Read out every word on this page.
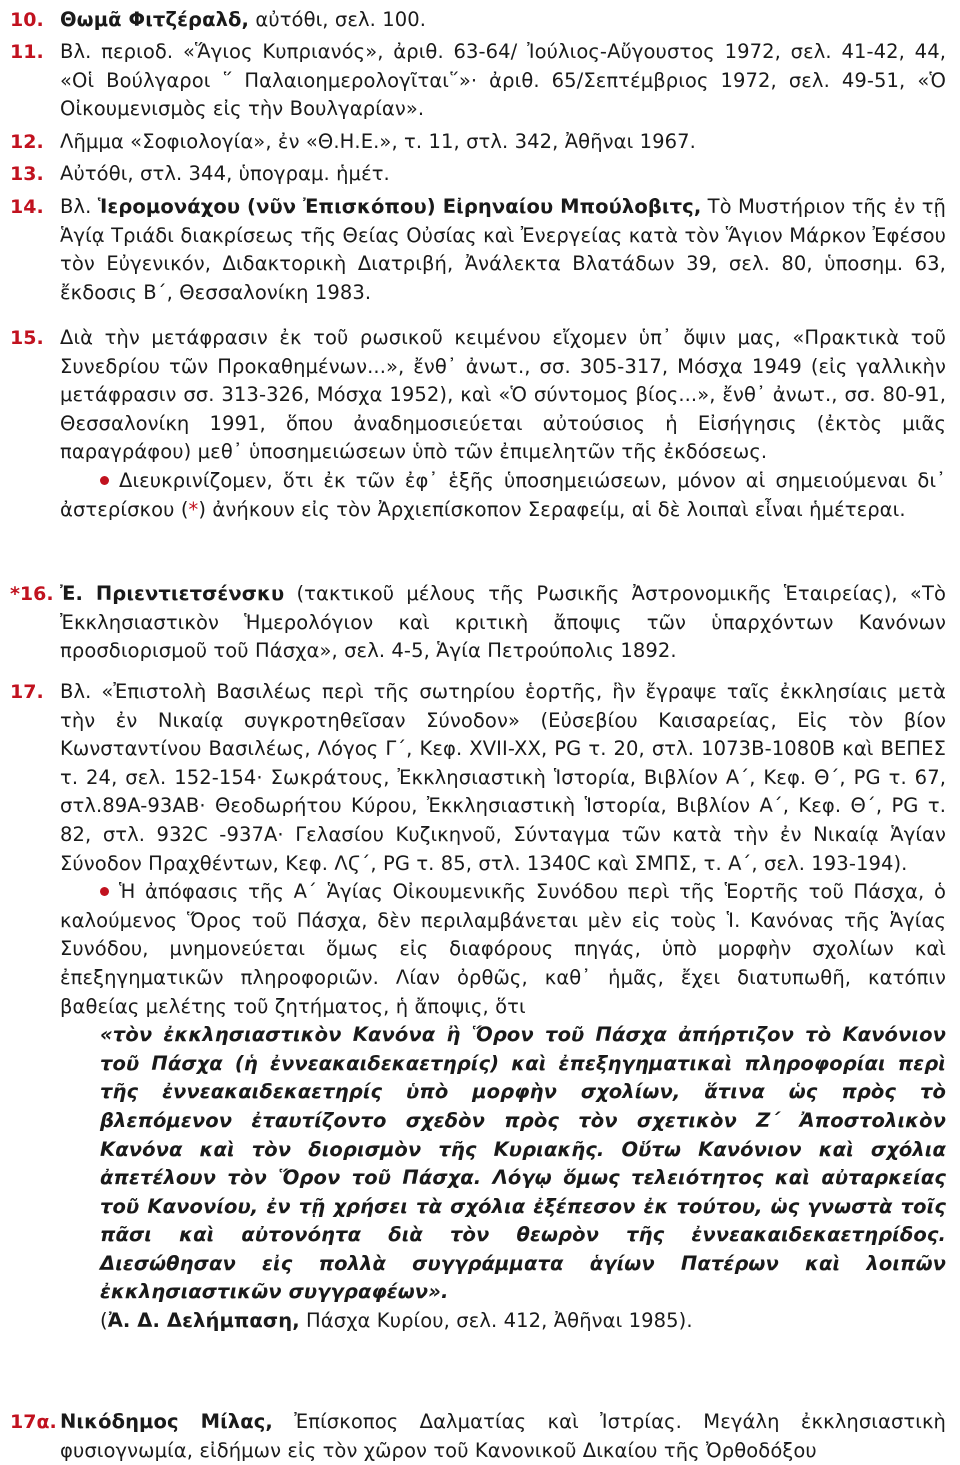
10. Θωμᾶ Φιτζέραλδ, αὐτόθι, σελ. 100.
11. Βλ. περιοδ. «Ἅγιος Κυπριανός», ἀριθ. 63-64/ Ἰούλιος-Αὔγουστος 1972, σελ. 41-42, 44, «Οἱ Βούλγαροι ῞ Παλαιοημερολογῖται῞»· ἀριθ. 65/Σεπτέμβριος 1972, σελ. 49-51, «Ὁ Οἰκουμενισμὸς εἰς τὴν Βουλγαρίαν».
12. Λῆμμα «Σοφιολογία», ἐν «Θ.Η.Ε.», τ. 11, στλ. 342, Ἀθῆναι 1967.
13. Αὐτόθι, στλ. 344, ὑπογραμ. ἡμέτ.
14. Βλ. Ἱερομονάχου (νῦν Ἐπισκόπου) Εἰρηναίου Μπούλοβιτς, Τὸ Μυστήριον τῆς ἐν τῇ Ἁγίᾳ Τριάδι διακρίσεως τῆς Θείας Οὐσίας καὶ Ἐνεργείας κατὰ τὸν Ἅγιον Μάρκον Ἐφέσου τὸν Εὐγενικόν, Διδακτορικὴ Διατριβή, Ἀνάλεκτα Βλατάδων 39, σελ. 80, ὑποσημ. 63, ἔκδοσις Β´, Θεσσαλονίκη 1983.
15. Διὰ τὴν μετάφρασιν ἐκ τοῦ ρωσικοῦ κειμένου εἴχομεν ὑπ᾽ ὄψιν μας, «Πρακτικὰ τοῦ Συνεδρίου τῶν Προκαθημένων...», ἔνθ᾽ ἀνωτ., σσ. 305-317, Μόσχα 1949 (εἰς γαλλικὴν μετάφρασιν σσ. 313-326, Μόσχα 1952), καὶ «Ὁ σύντομος βίος...», ἔνθ᾽ ἀνωτ., σσ. 80-91, Θεσσαλονίκη 1991, ὅπου ἀναδημοσιεύεται αὐτούσιος ἡ Εἰσήγησις (ἐκτὸς μιᾶς παραγράφου) μεθ᾽ ὑποσημειώσεων ὑπὸ τῶν ἐπιμελητῶν τῆς ἐκδόσεως.
Διευκρινίζομεν, ὅτι ἐκ τῶν ἐφ᾽ ἑξῆς ὑποσημειώσεων, μόνον αἱ σημειούμεναι δι᾽ ἀστερίσκου (*) ἀνήκουν εἰς τὸν Ἀρχιεπίσκοπον Σεραφείμ, αἱ δὲ λοιπαὶ εἶναι ἡμέτεραι.
*16. Ἐ. Πριεντιετσένσκυ (τακτικοῦ μέλους τῆς Ρωσικῆς Ἀστρονομικῆς Ἑταιρείας), «Τὸ Ἐκκλησιαστικὸν Ἡμερολόγιον καὶ κριτικὴ ἄποψις τῶν ὑπαρχόντων Κανόνων προσδιορισμοῦ τοῦ Πάσχα», σελ. 4-5, Ἁγία Πετρούπολις 1892.
17. Βλ. «Ἐπιστολὴ Βασιλέως περὶ τῆς σωτηρίου ἑορτῆς, ἣν ἔγραψε ταῖς ἐκκλησίαις μετὰ τὴν ἐν Νικαίᾳ συγκροτηθεῖσαν Σύνοδον» (Εὐσεβίου Καισαρείας, Εἰς τὸν βίον Κωνσταντίνου Βασιλέως, Λόγος Γ´, Κεφ. XVII-XX, PG τ. 20, στλ. 1073B-1080B καὶ ΒΕΠΕΣ τ. 24, σελ. 152-154· Σωκράτους, Ἐκκλησιαστικὴ Ἱστορία, Βιβλίον Α´, Κεφ. Θ´, PG τ. 67, στλ.89A-93AB· Θεοδωρήτου Κύρου, Ἐκκλησιαστικὴ Ἱστορία, Βιβλίον Α´, Κεφ. Θ´, PG τ. 82, στλ. 932C -937A· Γελασίου Κυζικηνοῦ, Σύνταγμα τῶν κατὰ τὴν ἐν Νικαίᾳ Ἁγίαν Σύνοδον Πραχθέντων, Κεφ. ΛϚ´, PG τ. 85, στλ. 1340C καὶ ΣΜΠΣ, τ. Α´, σελ. 193-194).
Ἡ ἀπόφασις τῆς Α´ Ἁγίας Οἰκουμενικῆς Συνόδου περὶ τῆς Ἑορτῆς τοῦ Πάσχα, ὁ καλούμενος Ὅρος τοῦ Πάσχα, δὲν περιλαμβάνεται μὲν εἰς τοὺς Ἱ. Κανόνας τῆς Ἁγίας Συνόδου, μνημονεύεται ὅμως εἰς διαφόρους πηγάς, ὑπὸ μορφὴν σχολίων καὶ ἐπεξηγηματικῶν πληροφοριῶν. Λίαν ὀρθῶς, καθ᾽ ἡμᾶς, ἔχει διατυπωθῆ, κατόπιν βαθείας μελέτης τοῦ ζητήματος, ἡ ἄποψις, ὅτι
«τὸν ἐκκλησιαστικὸν Κανόνα ἢ Ὅρον τοῦ Πάσχα ἀπήρτιζον τὸ Κανόνιον τοῦ Πάσχα (ἡ ἐννεακαιδεκαετηρίς) καὶ ἐπεξηγηματικαὶ πληροφορίαι περὶ τῆς ἐννεακαιδεκαετηρίς ὑπὸ μορφὴν σχολίων, ἅτινα ὡς πρὸς τὸ βλεπόμενον ἐταυτίζοντο σχεδὸν πρὸς τὸν σχετικὸν Ζ´ Ἀποστολικὸν Κανόνα καὶ τὸν διορισμὸν τῆς Κυριακῆς. Οὕτω Κανόνιον καὶ σχόλια ἀπετέλουν τὸν Ὅρον τοῦ Πάσχα. Λόγῳ ὅμως τελειότητος καὶ αὐταρκείας τοῦ Κανονίου, ἐν τῇ χρήσει τὰ σχόλια ἐξέπεσον ἐκ τούτου, ὡς γνωστὰ τοῖς πᾶσι καὶ αὐτονόητα διὰ τὸν θεωρὸν τῆς ἐννεακαιδεκαετηρίδος. Διεσώθησαν εἰς πολλὰ συγγράμματα ἁγίων Πατέρων καὶ λοιπῶν ἐκκλησιαστικῶν συγγραφέων».
(Ἀ. Δ. Δελήμπαση, Πάσχα Κυρίου, σελ. 412, Ἀθῆναι 1985).
17α. Νικόδημος Μίλας, Ἐπίσκοπος Δαλματίας καὶ Ἰστρίας. Μεγάλη ἐκκλησιαστικὴ φυσιογνωμία, εἰδήμων εἰς τὸν χῶρον τοῦ Κανονικοῦ Δικαίου τῆς Ὀρθοδόξου
